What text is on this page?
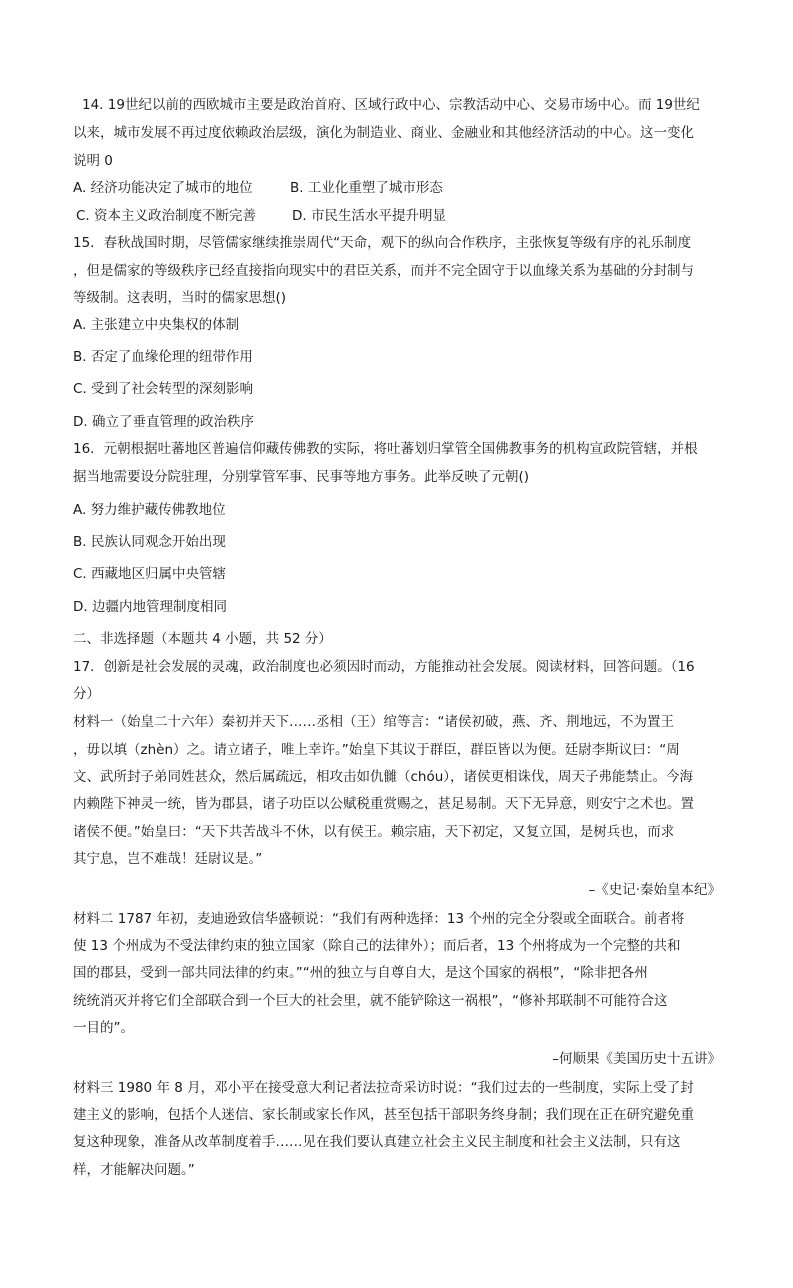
14. 19世纪以前的西欧城市主要是政治首府、区域行政中心、宗教活动中心、交易市场中心。而 19世纪
以来，城市发展不再过度依赖政治层级，演化为制造业、商业、金融业和其他经济活动的中心。这一变化
说明 0
A. 经济功能决定了城市的地位	B. 工业化重塑了城市形态
C. 资本主义政治制度不断完善	D. 市民生活水平提升明显
15．春秋战国时期，尽管儒家继续推崇周代“天命，观下的纵向合作秩序，主张恢复等级有序的礼乐制度
，但是儒家的等级秩序已经直接指向现实中的君臣关系，而并不完全固守于以血缘关系为基础的分封制与
等级制。这表明，当时的儒家思想()
A. 主张建立中央集权的体制
B. 否定了血缘伦理的纽带作用
C. 受到了社会转型的深刻影响
D. 确立了垂直管理的政治秩序
16．元朝根据吐蕃地区普遍信仰藏传佛教的实际，将吐蕃划归掌管全国佛教事务的机构宣政院管辖，并根
据当地需要设分院驻理，分别掌管军事、民事等地方事务。此举反映了元朝()
A. 努力维护藏传佛教地位
B. 民族认同观念开始出现
C. 西藏地区归属中央管辖
D. 边疆内地管理制度相同
二、非选择题（本题共 4 小题，共 52 分）
17．创新是社会发展的灵魂，政治制度也必须因时而动，方能推动社会发展。阅读材料，回答问题。（16
分）
材料一（始皇二十六年）秦初并天下……丞相（王）绾等言：“诸侯初破，燕、齐、荆地远，不为置王
，毋以填（zhèn）之。请立诸子，唯上幸许。”始皇下其议于群臣，群臣皆以为便。廷尉李斯议曰：“周
文、武所封子弟同姓甚众，然后属疏远，相攻击如仇雠（chóu），诸侯更相诛伐，周天子弗能禁止。今海
内赖陛下神灵一统，皆为郡县，诸子功臣以公赋税重赏赐之，甚足易制。天下无异意，则安宁之术也。置
诸侯不便。”始皇曰：“天下共苦战斗不休，以有侯王。赖宗庙，天下初定，又复立国，是树兵也，而求
其宁息，岂不难哉！廷尉议是。”
–《史记·秦始皇本纪》
材料二 1787 年初，麦迪逊致信华盛顿说：“我们有两种选择：13 个州的完全分裂或全面联合。前者将
使 13 个州成为不受法律约束的独立国家（除自己的法律外）；而后者，13 个州将成为一个完整的共和
国的郡县，受到一部共同法律的约束。”“州的独立与自尊自大，是这个国家的祸根”，“除非把各州
统统消灭并将它们全部联合到一个巨大的社会里，就不能铲除这一祸根”，“修补邦联制不可能符合这
一目的”。
–何顺果《美国历史十五讲》
材料三 1980 年 8 月，邓小平在接受意大利记者法拉奇采访时说：“我们过去的一些制度，实际上受了封
建主义的影响，包括个人迷信、家长制或家长作风，甚至包括干部职务终身制；我们现在正在研究避免重
复这种现象，准备从改革制度着手……见在我们要认真建立社会主义民主制度和社会主义法制，只有这
样，才能解决问题。”
